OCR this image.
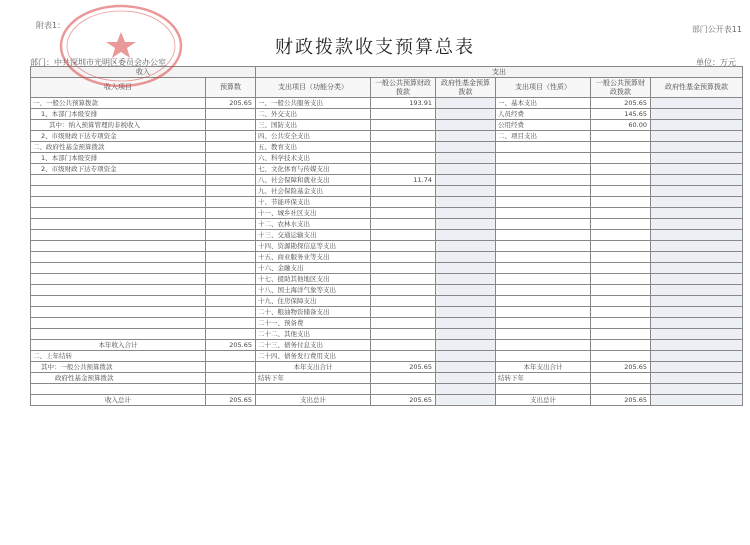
附表1：	部门公开表11
财政拨款收支预算总表
部门：中共深圳市光明区委员会办公室	单位：万元
收入		支出					
收入项目	预算数	支出项目（功能分类）	一般公共预算财政拨款	政府性基金预算拨款	支出项目（性质）	一般公共预算财政拨款	政府性基金预算拨款
一、一般公共预算拨款	205.65	一、一般公共服务支出	193.91		一、基本支出	205.65	
1、本部门本级安排		二、外交支出			人员经费	145.65	
其中：纳入预算管理的非税收入		三、国防支出			公用经费	60.00	
2、市级财政下达专项资金		四、公共安全支出			二、项目支出		
二、政府性基金预算拨款		五、教育支出					
1、本部门本级安排		六、科学技术支出					
2、市级财政下达专项资金		七、文化体育与传媒支出					
		八、社会保障和就业支出	11.74				
		九、社会保险基金支出					
		十、节能环保支出					
		十一、城乡社区支出					
		十二、农林水支出					
		十三、交通运输支出					
		十四、资源勘探信息等支出					
		十五、商业服务业等支出					
		十六、金融支出					
		十七、援助其他地区支出					
		十八、国土海洋气象等支出					
		十九、住房保障支出					
		二十、粮油物资储备支出					
		二十一、预备费					
		二十二、其他支出					
本年收入合计	205.65	二十三、债务付息支出					
二、上年结转		二十四、债务发行费用支出					
其中：一般公共预算拨款		本年支出合计	205.65		本年支出合计	205.65	
政府性基金预算拨款		结转下年			结转下年		

收入总计	205.65	支出总计	205.65		支出总计	205.65	
